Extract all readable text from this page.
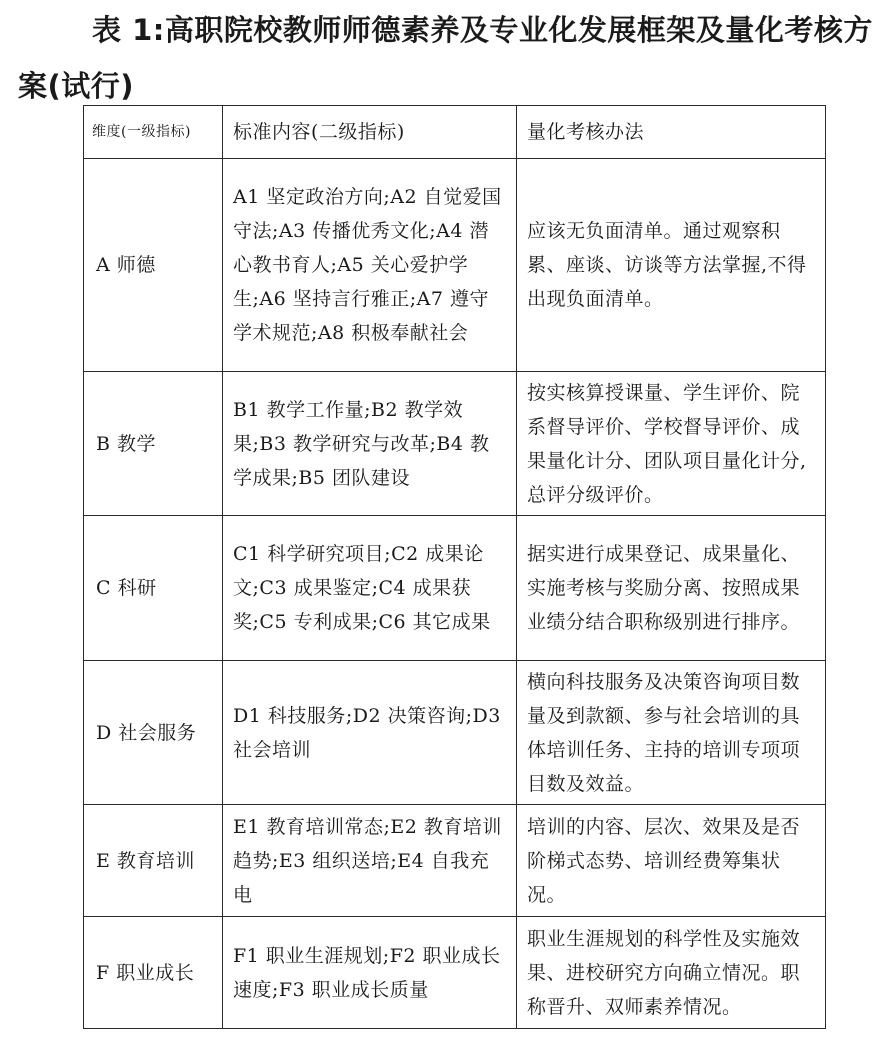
表 1:高职院校教师师德素养及专业化发展框架及量化考核方案(试行)
维度(一级指标)	标准内容(二级指标)	量化考核办法
A 师德	A1 坚定政治方向;A2 自觉爱国守法;A3 传播优秀文化;A4 潜心教书育人;A5 关心爱护学生;A6 坚持言行雅正;A7 遵守学术规范;A8 积极奉献社会	应该无负面清单。通过观察积累、座谈、访谈等方法掌握,不得出现负面清单。
B 教学	B1 教学工作量;B2 教学效果;B3 教学研究与改革;B4 教学成果;B5 团队建设	按实核算授课量、学生评价、院系督导评价、学校督导评价、成果量化计分、团队项目量化计分,总评分级评价。
C 科研	C1 科学研究项目;C2 成果论文;C3 成果鉴定;C4 成果获奖;C5 专利成果;C6 其它成果	据实进行成果登记、成果量化、实施考核与奖励分离、按照成果业绩分结合职称级别进行排序。
D 社会服务	D1 科技服务;D2 决策咨询;D3 社会培训	横向科技服务及决策咨询项目数量及到款额、参与社会培训的具体培训任务、主持的培训专项项目数及效益。
E 教育培训	E1 教育培训常态;E2 教育培训趋势;E3 组织送培;E4 自我充电	培训的内容、层次、效果及是否阶梯式态势、培训经费筹集状况。
F 职业成长	F1 职业生涯规划;F2 职业成长速度;F3 职业成长质量	职业生涯规划的科学性及实施效果、进校研究方向确立情况。职称晋升、双师素养情况。
